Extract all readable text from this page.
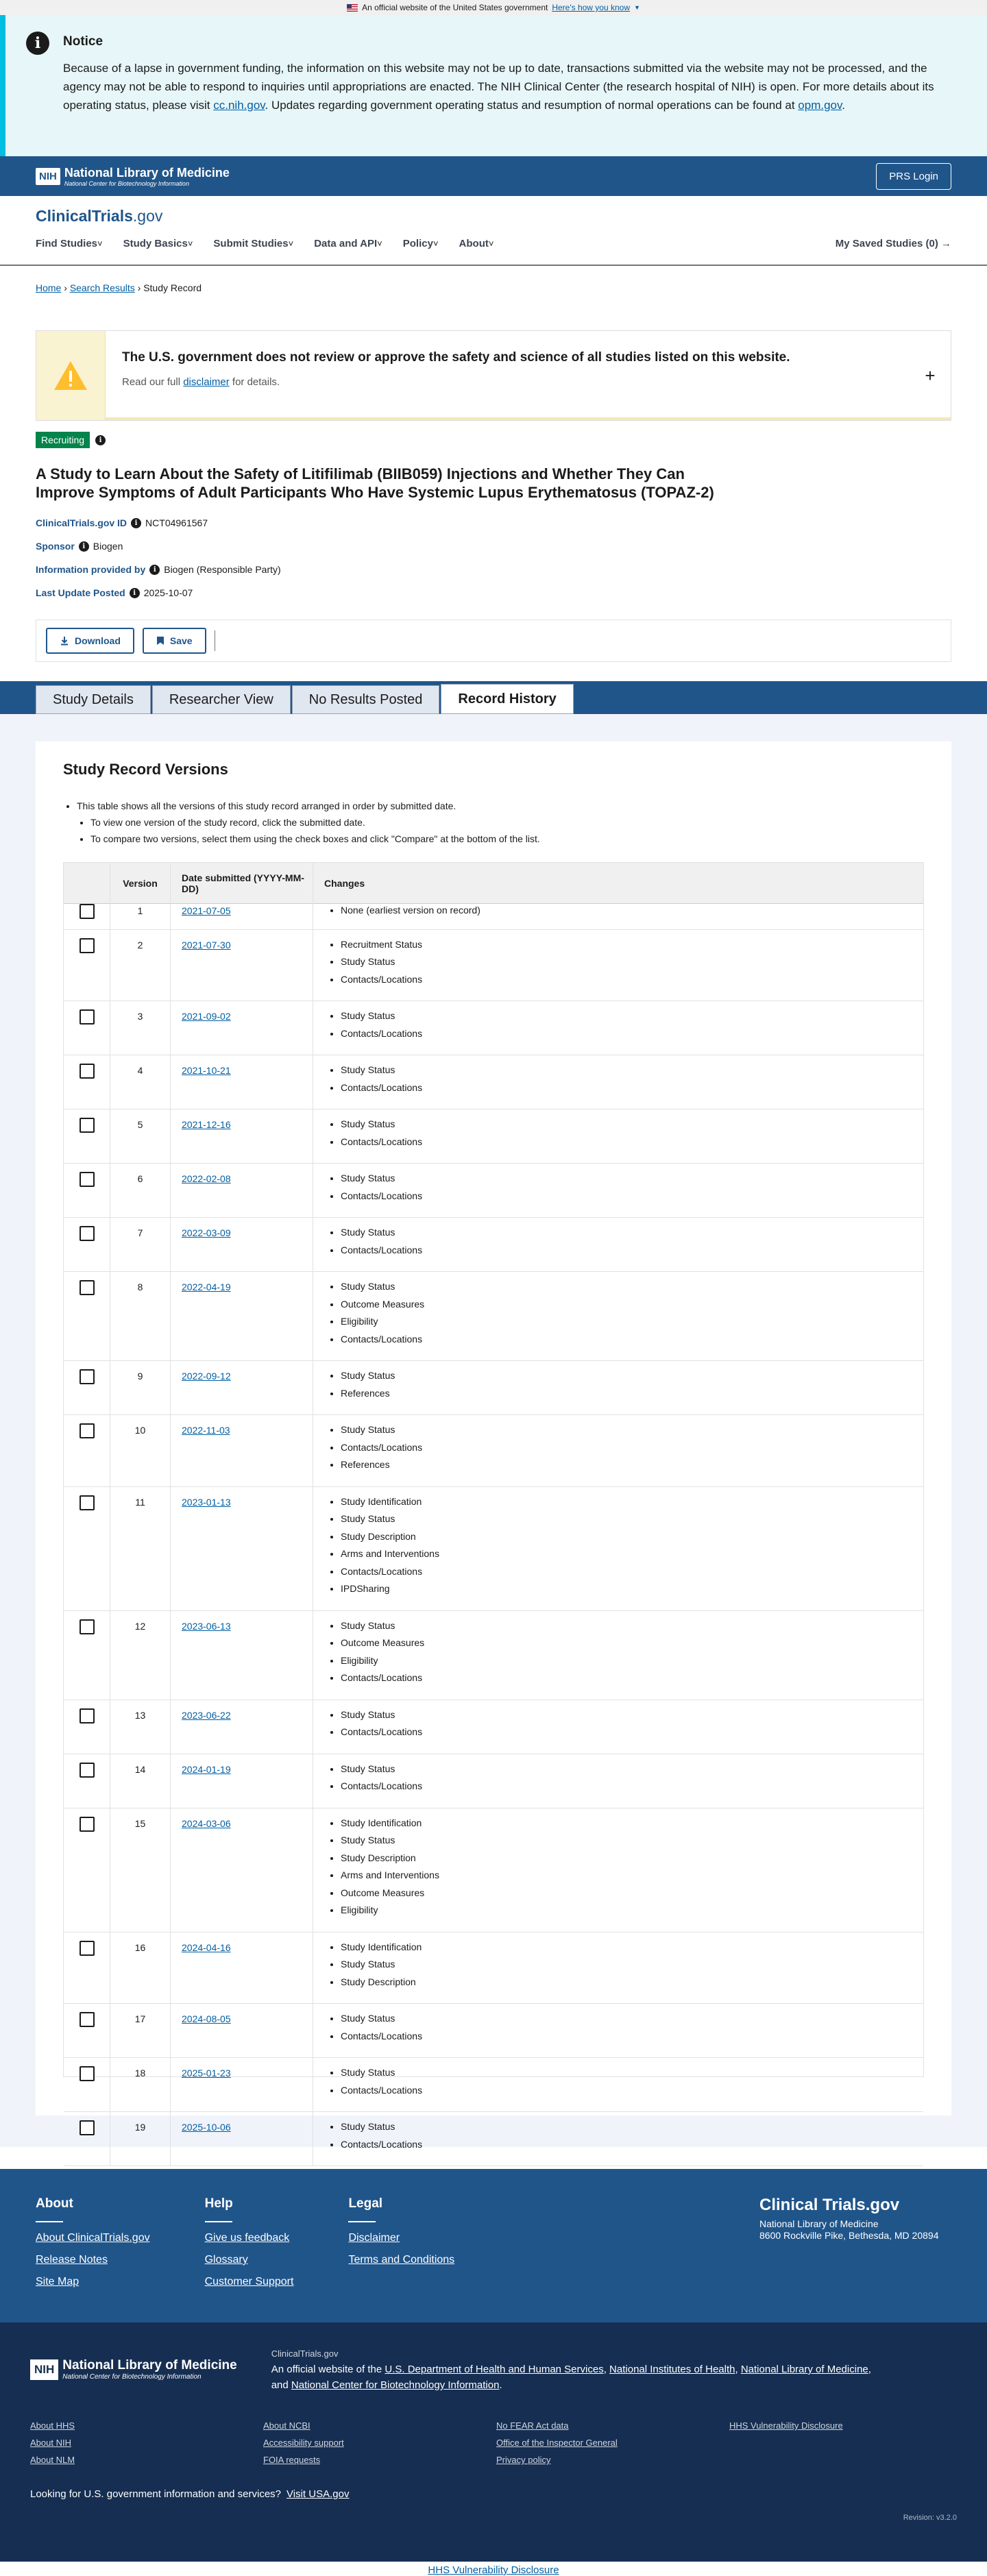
An official website of the United States government Here's how you know ▼
i	Notice

Because of a lapse in government funding, the information on this website may not be up to date, transactions submitted via the website may not be processed, and the agency may not be able to respond to inquiries until appropriations are enacted. The NIH Clinical Center (the research hospital of NIH) is open. For more details about its operating status, please visit cc.nih.gov. Updates regarding government operating status and resumption of normal operations can be found at opm.gov.

NIH National Library of Medicine
National Center for Biotechnology Information
PRS Login
ClinicalTrials.gov
Find Studies ˅ Study Basics ˅ Submit Studies ˅ Data and API ˅ Policy ˅ About ˅	My Saved Studies (0) →
Home › Search Results › Study Record
The U.S. government does not review or approve the safety and science of all studies listed on this website.

Read our full disclaimer for details.	+
Recruiting	i
A Study to Learn About the Safety of Litifilimab (BIIB059) Injections and Whether They Can Improve Symptoms of Adult Participants Who Have Systemic Lupus Erythematosus (TOPAZ-2)
ClinicalTrials.gov ID	i NCT04961567
Sponsor	i Biogen
Information provided by	i Biogen (Responsible Party)
Last Update Posted	i 2025-10-07
Download	Save
Study Details	Researcher View	No Results Posted	Record History
Study Record Versions
• This table shows all the versions of this study record arranged in order by submitted date.
• To view one version of the study record, click the submitted date.
• To compare two versions, select them using the check boxes and click "Compare" at the bottom of the list.
Version	Date submitted (YYYY-MM-DD)	Changes
1	2021-07-05	• None (earliest version on record)
2	2021-07-30	• Recruitment Status
• Study Status
• Contacts/Locations
3	2021-09-02	• Study Status
• Contacts/Locations
4	2021-10-21	• Study Status
• Contacts/Locations
5	2021-12-16	• Study Status
• Contacts/Locations
6	2022-02-08	• Study Status
• Contacts/Locations
7	2022-03-09	• Study Status
• Contacts/Locations
8	2022-04-19	• Study Status
• Outcome Measures
• Eligibility
• Contacts/Locations
9	2022-09-12	• Study Status
• References
10	2022-11-03	• Study Status
• Contacts/Locations
• References
11	2023-01-13	• Study Identification
• Study Status
• Study Description
• Arms and Interventions
• Contacts/Locations
• IPDSharing
12	2023-06-13	• Study Status
• Outcome Measures
• Eligibility
• Contacts/Locations
13	2023-06-22	• Study Status
• Contacts/Locations
14	2024-01-19	• Study Status
• Contacts/Locations
15	2024-03-06	• Study Identification
• Study Status
• Study Description
• Arms and Interventions
• Outcome Measures
• Eligibility
16	2024-04-16	• Study Identification
• Study Status
• Study Description
17	2024-08-05	• Study Status
• Contacts/Locations
18	2025-01-23	• Study Status
• Contacts/Locations
19	2025-10-06	• Study Status
• Contacts/Locations
About
About ClinicalTrials.gov
Release Notes
Site Map
Help
Give us feedback
Glossary
Customer Support
Legal
Disclaimer
Terms and Conditions
Clinical Trials.gov
National Library of Medicine
8600 Rockville Pike, Bethesda, MD 20894
NIH National Library of Medicine
National Center for Biotechnology Information
ClinicalTrials.gov
An official website of the U.S. Department of Health and Human Services, National Institutes of Health, National Library of Medicine,
and National Center for Biotechnology Information.
About HHS	About NCBI	No FEAR Act data	HHS Vulnerability Disclosure
About NIH	Accessibility support	Office of the Inspector General
About NLM	FOIA requests	Privacy policy
Looking for U.S. government information and services? Visit USA.gov
Revision: v3.2.0
HHS Vulnerability Disclosure
